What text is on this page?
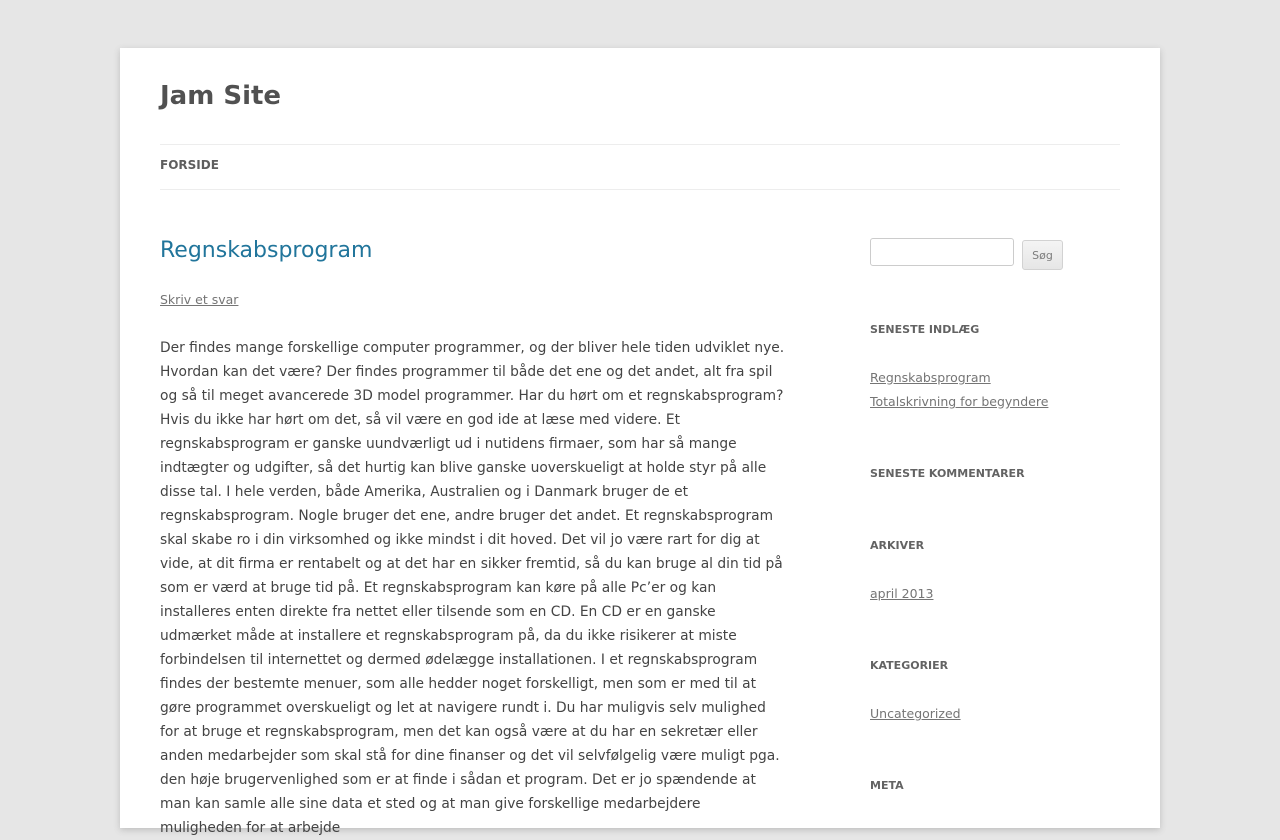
Jam Site
FORSIDE
Regnskabsprogram
Skriv et svar

Der findes mange forskellige computer programmer, og der bliver hele tiden udviklet nye. Hvordan kan det være? Der findes programmer til både det ene og det andet, alt fra spil og så til meget avancerede 3D model programmer. Har du hørt om et regnskabsprogram? Hvis du ikke har hørt om det, så vil være en god ide at læse med videre. Et regnskabsprogram er ganske uundværligt ud i nutidens firmaer, som har så mange indtægter og udgifter, så det hurtig kan blive ganske uoverskueligt at holde styr på alle disse tal. I hele verden, både Amerika, Australien og i Danmark bruger de et regnskabsprogram. Nogle bruger det ene, andre bruger det andet. Et regnskabsprogram skal skabe ro i din virksomhed og ikke mindst i dit hoved. Det vil jo være rart for dig at vide, at dit firma er rentabelt og at det har en sikker fremtid, så du kan bruge al din tid på som er værd at bruge tid på. Et regnskabsprogram kan køre på alle Pc’er og kan installeres enten direkte fra nettet eller tilsende som en CD. En CD er en ganske udmærket måde at installere et regnskabsprogram på, da du ikke risikerer at miste forbindelsen til internettet og dermed ødelægge installationen. I et regnskabsprogram findes der bestemte menuer, som alle hedder noget forskelligt, men som er med til at gøre programmet overskueligt og let at navigere rundt i. Du har muligvis selv mulighed for at bruge et regnskabsprogram, men det kan også være at du har en sekretær eller anden medarbejder som skal stå for dine finanser og det vil selvfølgelig være muligt pga. den høje brugervenlighed som er at finde i sådan et program. Det er jo spændende at man kan samle alle sine data et sted og at man give forskellige medarbejdere muligheden for at arbejde

Søg
SENESTE INDLÆG
Regnskabsprogram
Totalskrivning for begyndere
SENESTE KOMMENTARER
ARKIVER
april 2013
KATEGORIER
Uncategorized
META
